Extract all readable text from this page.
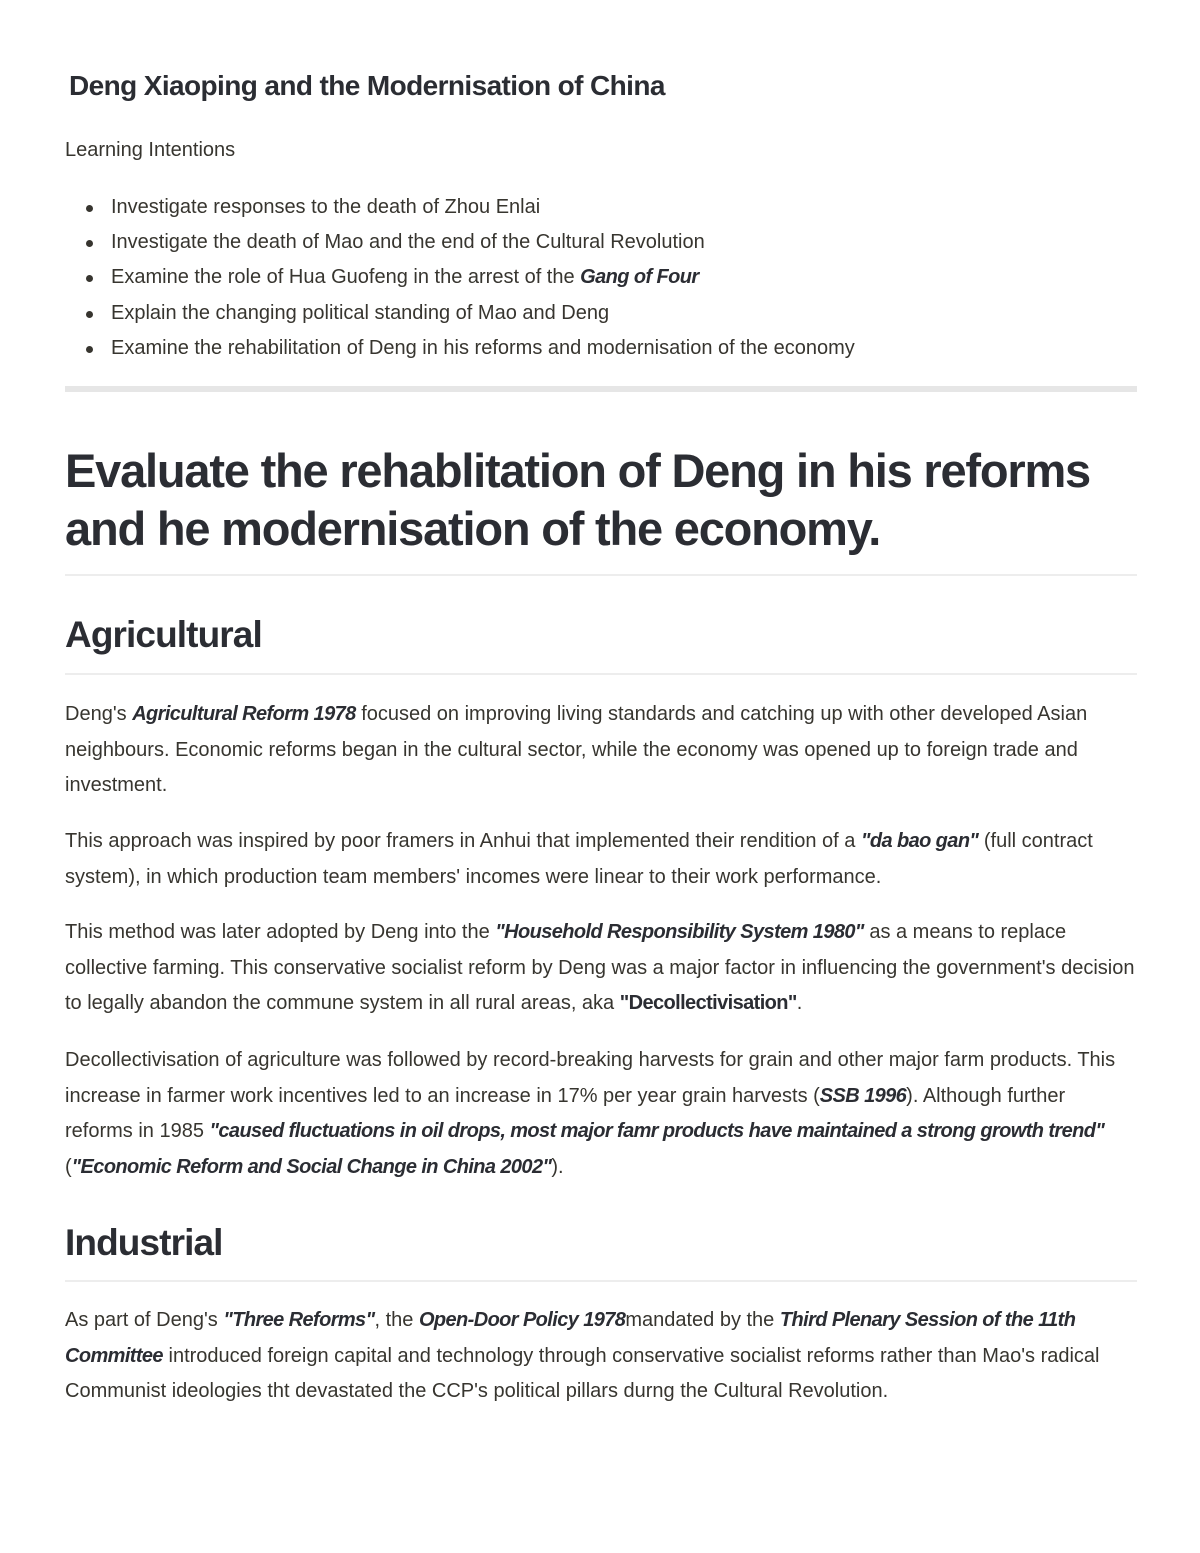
Deng Xiaoping and the Modernisation of China

Learning Intentions

Investigate responses to the death of Zhou Enlai
Investigate the death of Mao and the end of the Cultural Revolution
Examine the role of Hua Guofeng in the arrest of the Gang of Four
Explain the changing political standing of Mao and Deng
Examine the rehabilitation of Deng in his reforms and modernisation of the economy
Evaluate the rehablitation of Deng in his reforms and he modernisation of the economy.
Agricultural

Deng's Agricultural Reform 1978 focused on improving living standards and catching up with other developed Asian neighbours. Economic reforms began in the cultural sector, while the economy was opened up to foreign trade and investment.

This approach was inspired by poor framers in Anhui that implemented their rendition of a "da bao gan" (full contract system), in which production team members' incomes were linear to their work performance.

This method was later adopted by Deng into the "Household Responsibility System 1980" as a means to replace collective farming. This conservative socialist reform by Deng was a major factor in influencing the government's decision to legally abandon the commune system in all rural areas, aka "Decollectivisation".

Decollectivisation of agriculture was followed by record-breaking harvests for grain and other major farm products. This increase in farmer work incentives led to an increase in 17% per year grain harvests (SSB 1996). Although further reforms in 1985 "caused fluctuations in oil drops, most major famr products have maintained a strong growth trend" ("Economic Reform and Social Change in China 2002").

Industrial

As part of Deng's "Three Reforms", the Open-Door Policy 1978mandated by the Third Plenary Session of the 11th Committee introduced foreign capital and technology through conservative socialist reforms rather than Mao's radical Communist ideologies tht devastated the CCP's political pillars durng the Cultural Revolution.
